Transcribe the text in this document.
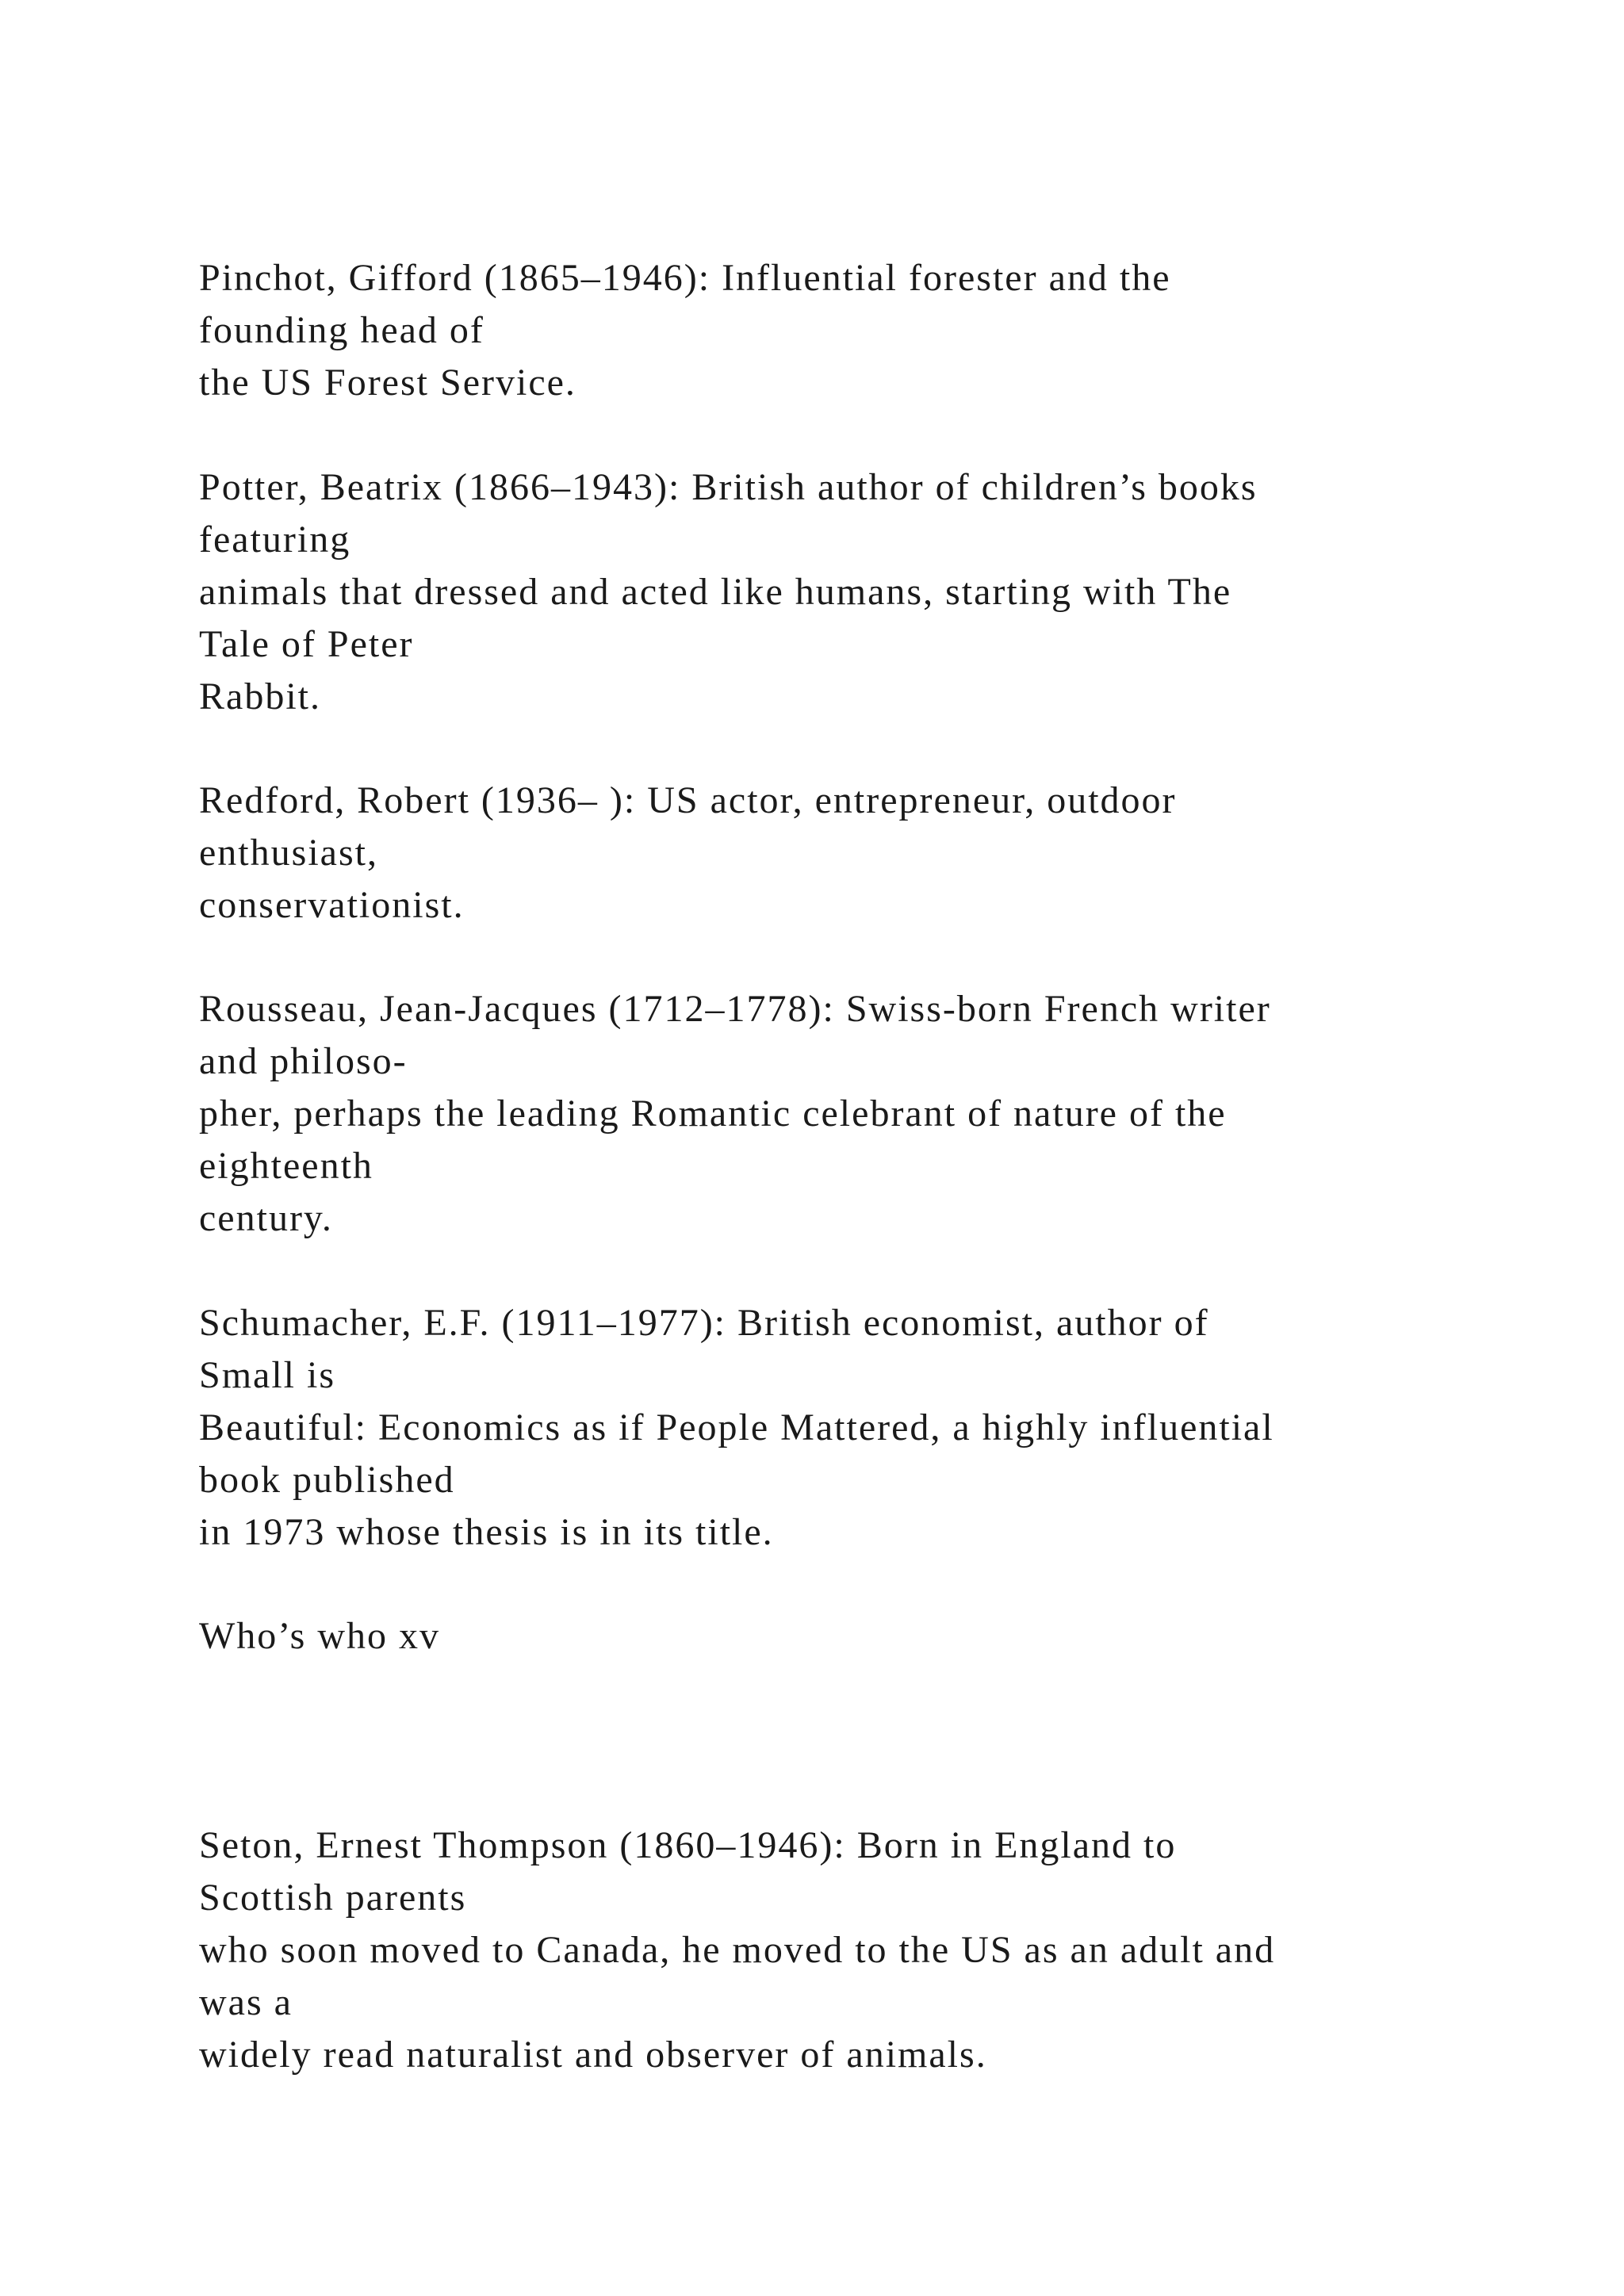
Pinchot, Gifford (1865–1946): Influential forester and the
founding head of
the US Forest Service.
Potter, Beatrix (1866–1943): British author of children’s books
featuring
animals that dressed and acted like humans, starting with The
Tale of Peter
Rabbit.
Redford, Robert (1936– ): US actor, entrepreneur, outdoor
enthusiast,
conservationist.
Rousseau, Jean-Jacques (1712–1778): Swiss-born French writer
and philoso-
pher, perhaps the leading Romantic celebrant of nature of the
eighteenth
century.
Schumacher, E.F. (1911–1977): British economist, author of
Small is
Beautiful: Economics as if People Mattered, a highly influential
book published
in 1973 whose thesis is in its title.
Who’s who xv
Seton, Ernest Thompson (1860–1946): Born in England to
Scottish parents
who soon moved to Canada, he moved to the US as an adult and
was a
widely read naturalist and observer of animals.
